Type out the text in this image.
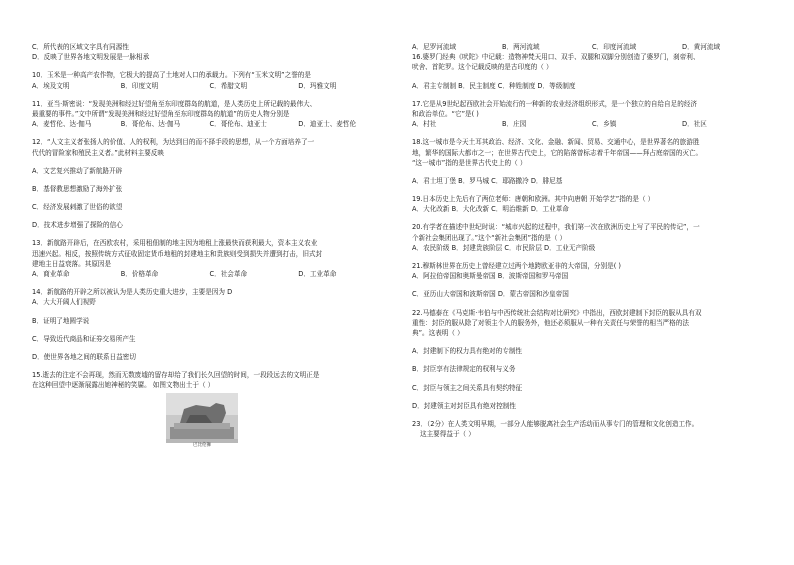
C．所代表的区域文字具有同源性
D．反映了世界各地文明发展是一脉相承
10．玉米是一种高产农作物，它极大的提高了土地对人口的承载力。下列有“玉米文明”之誉的是
A．埃及文明	B．印度文明	C．希腊文明	D．玛雅文明
11．亚当·斯密说：“发现美洲和经过好望角至东印度群岛的航道，是人类历史上所记载的最伟大、
最重要的事件。”文中所谓“发现美洲和经过好望角至东印度群岛的航道”的历史人物分别是
A．麦哲伦、达·伽马	B．哥伦布、达·伽马	C．哥伦布、迪亚士	D．迪亚士、麦哲伦
12．“人文主义者张扬人的价值、人的权利，为达到目的而不择手段的思想，从一个方面培养了一
代代的冒险家和殖民主义者。”此材料主要反映
A．文艺复兴推动了新航路开辟
B．基督教思想激励了海外扩张
C．经济发展刺激了世俗的欲望
D．技术进步增强了探险的信心
13．新航路开辟后，在西欧农村，采用租佃制的地主因为地租上涨最快而获利最大，资本主义农业
迅速兴起。相反，按照传统方式征收固定货币地租的封建地主和贵族则受到损失并遭到打击，旧式封
建地主日益衰落。其原因是
A．商业革命	B．价格革命	C．社会革命	D．工业革命
14．新航路的开辟之所以被认为是人类历史重大进步，主要是因为 D
A．大大开阔人们视野
B．证明了地圆学说
C．导致近代商品和证券交易所产生
D．使世界各地之间的联系日益密切
15.逝去的注定不会再现，然而无数废墟的留存却给了我们长久回望的时间，一段段远去的文明正是
在这种回望中逐渐展露出她神秘的笑靥。 如图文物出土于（ ）
巴比伦狮
A．尼罗河流域	B．两河流域	C．印度河流域	D．黄河流域
16.婆罗门经典《吠陀》中记载：造物神梵天用口、双手、双腿和双脚分别创造了婆罗门，刹帝利、
吠舍、首陀罗。这个记载反映的是古印度的（ ）
A．君主专制制 B．民主制度 C．种姓制度 D．等级制度
17.它是从9世纪起西欧社会开始流行的一种新的农业经济组织形式，是一个独立的自给自足的经济
和政治单位。“它”是( )
A．村社	B．庄园	C．乡镇	D．社区
18.这一城市是今天土耳其政治、经济、文化、金融、新闻、贸易、交通中心，是世界著名的旅游胜
地，繁华的国际大都市之一；在世界古代史上，它的陷落曾标志着千年帝国——拜占庭帝国的灭亡。
“这一城市”指的是世界古代史上的（ ）
A．君士坦丁堡 B．罗马城 C．耶路撒冷 D．腓尼基
19.日本历史上先后有了两位老师：唐朝和欧洲。其中向唐朝 开始学艺”指的是（ ）
A．大化改新 B．大化改新 C．明治维新 D．工业革命
20.有学者在描述中世纪时说：“城市兴起的过程中，我们第一次在欧洲历史上写了平民的传记”，一
个新社会集团出现了。”这个“新社会集团”指的是（ ）
A．农民阶级 B．封建贵族阶层 C．市民阶层 D．工业无产阶级
21.穆斯林世界在历史上曾经建立过两个地跨欧亚非的大帝国，分别是( )
A．阿拉伯帝国和奥斯曼帝国 B．波斯帝国和罗马帝国
C．亚历山大帝国和波斯帝国 D．蒙古帝国和沙皇帝国
22.马德泰在《马克斯·韦伯与中西传统社会结构对比研究》中指出，西欧封建制下封臣的服从具有双
重性：封臣的服从除了对领主个人的服务外，他还必须服从一种有关责任与荣誉的相当严格的法
典”。这表明（ ）
A．封建制下的权力具有绝对的专制性
B．封臣享有法律规定的权利与义务
C．封臣与领主之间关系具有契约特征
D．封建领主对封臣具有绝对控制性
23．（2分）在人类文明早期，一部分人能够脱离社会生产活动而从事专门的管理和文化创造工作。
这主要得益于（ ）
